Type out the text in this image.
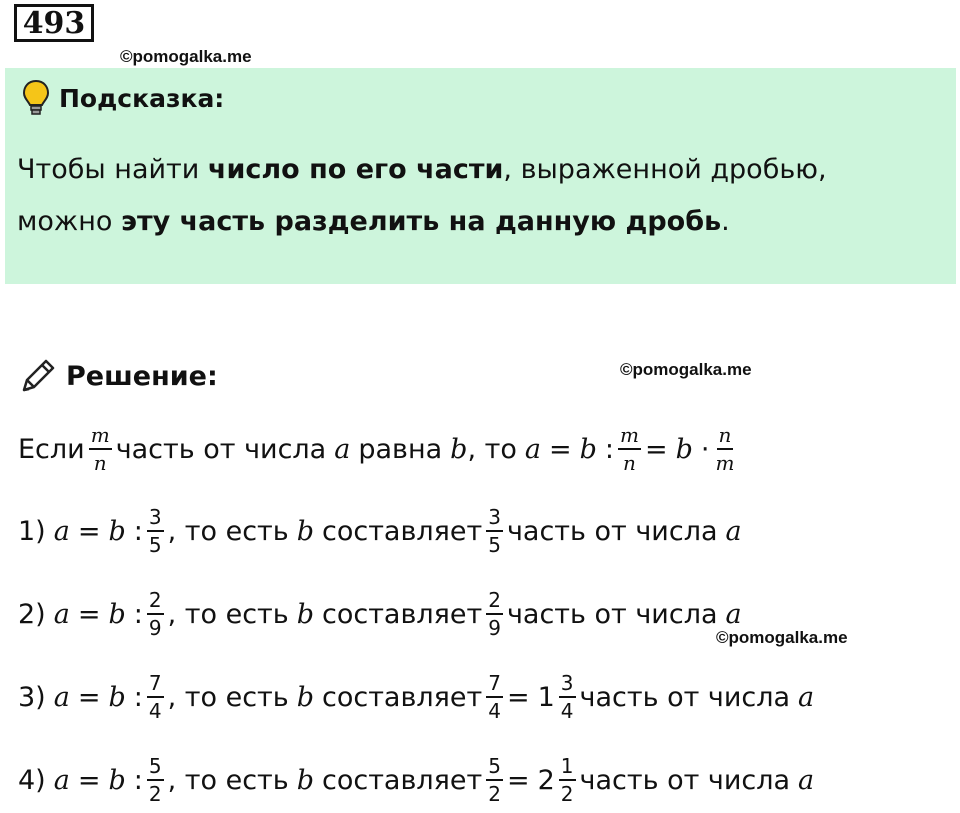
493
©pomogalka.me
Подсказка:
Чтобы найти число по его части, выраженной дробью,
можно эту часть разделить на данную дробь.
Решение:	©pomogalka.me
Если $\frac{m}{n}$ часть от числа a равна b , то a = b : $\frac{m}{n} = b \cdot \frac{n}{m}$
1) a = b : $\frac{3}{5}$ , то есть b составляет $\frac{3}{5}$ часть от числа a
2) a = b : $\frac{2}{9}$ , то есть b составляет $\frac{2}{9}$ часть от числа a
©pomogalka.me
3) a = b : $\frac{7}{4}$ , то есть b составляет $\frac{7}{4} = 1 \frac{3}{4}$ часть от числа a
4) a = b : $\frac{5}{2}$ , то есть b составляет $\frac{5}{2} = 2 \frac{1}{2}$ часть от числа a
